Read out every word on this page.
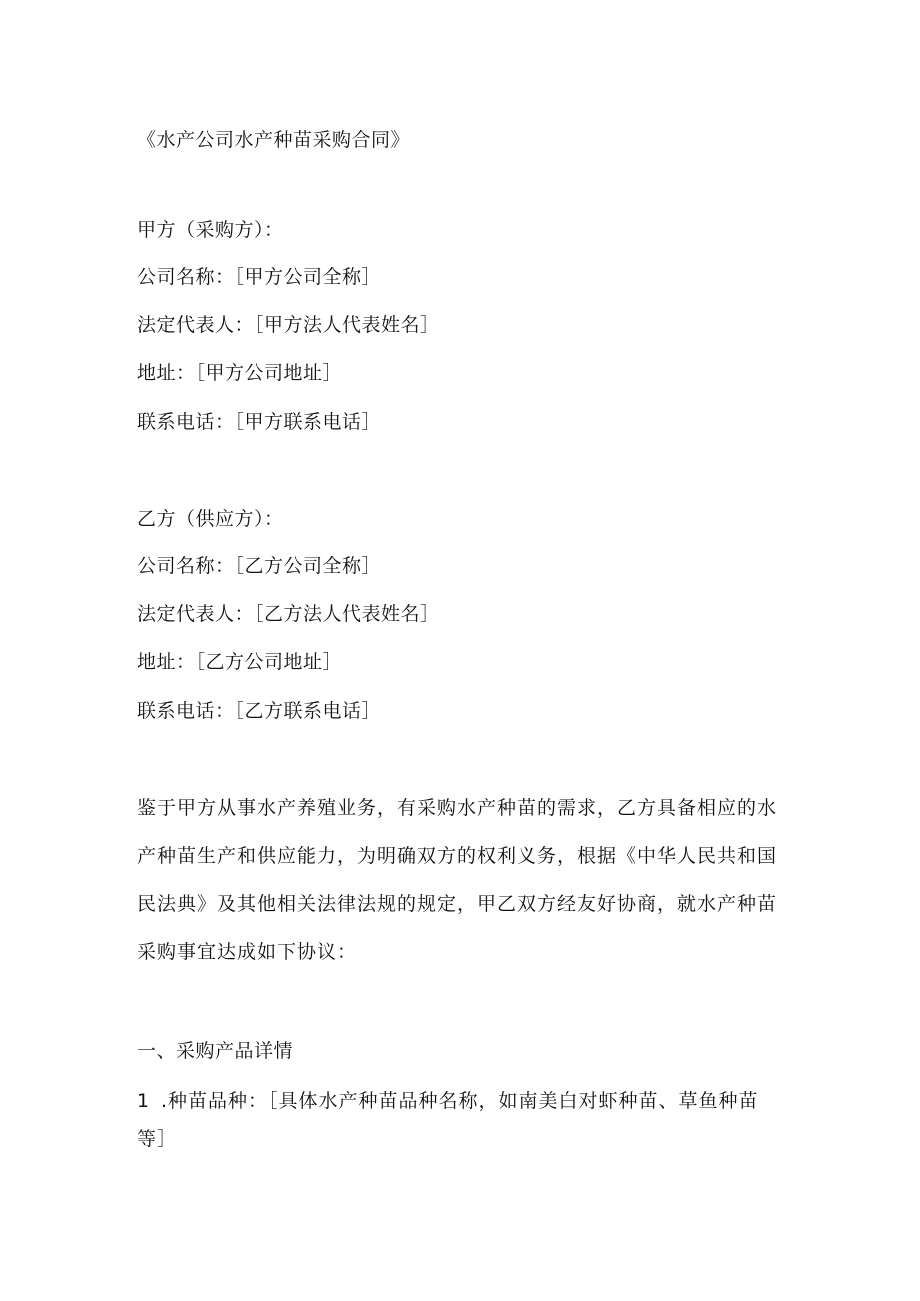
《水产公司水产种苗采购合同》
甲方（采购方）：
公司名称：［甲方公司全称］
法定代表人：［甲方法人代表姓名］
地址：［甲方公司地址］
联系电话：［甲方联系电话］
乙方（供应方）：
公司名称：［乙方公司全称］
法定代表人：［乙方法人代表姓名］
地址：［乙方公司地址］
联系电话：［乙方联系电话］
鉴于甲方从事水产养殖业务，有采购水产种苗的需求，乙方具备相应的水
产种苗生产和供应能力，为明确双方的权利义务，根据《中华人民共和国
民法典》及其他相关法律法规的规定，甲乙双方经友好协商，就水产种苗
采购事宜达成如下协议：
一、采购产品详情
1 .种苗品种：［具体水产种苗品种名称，如南美白对虾种苗、草鱼种苗
等］
